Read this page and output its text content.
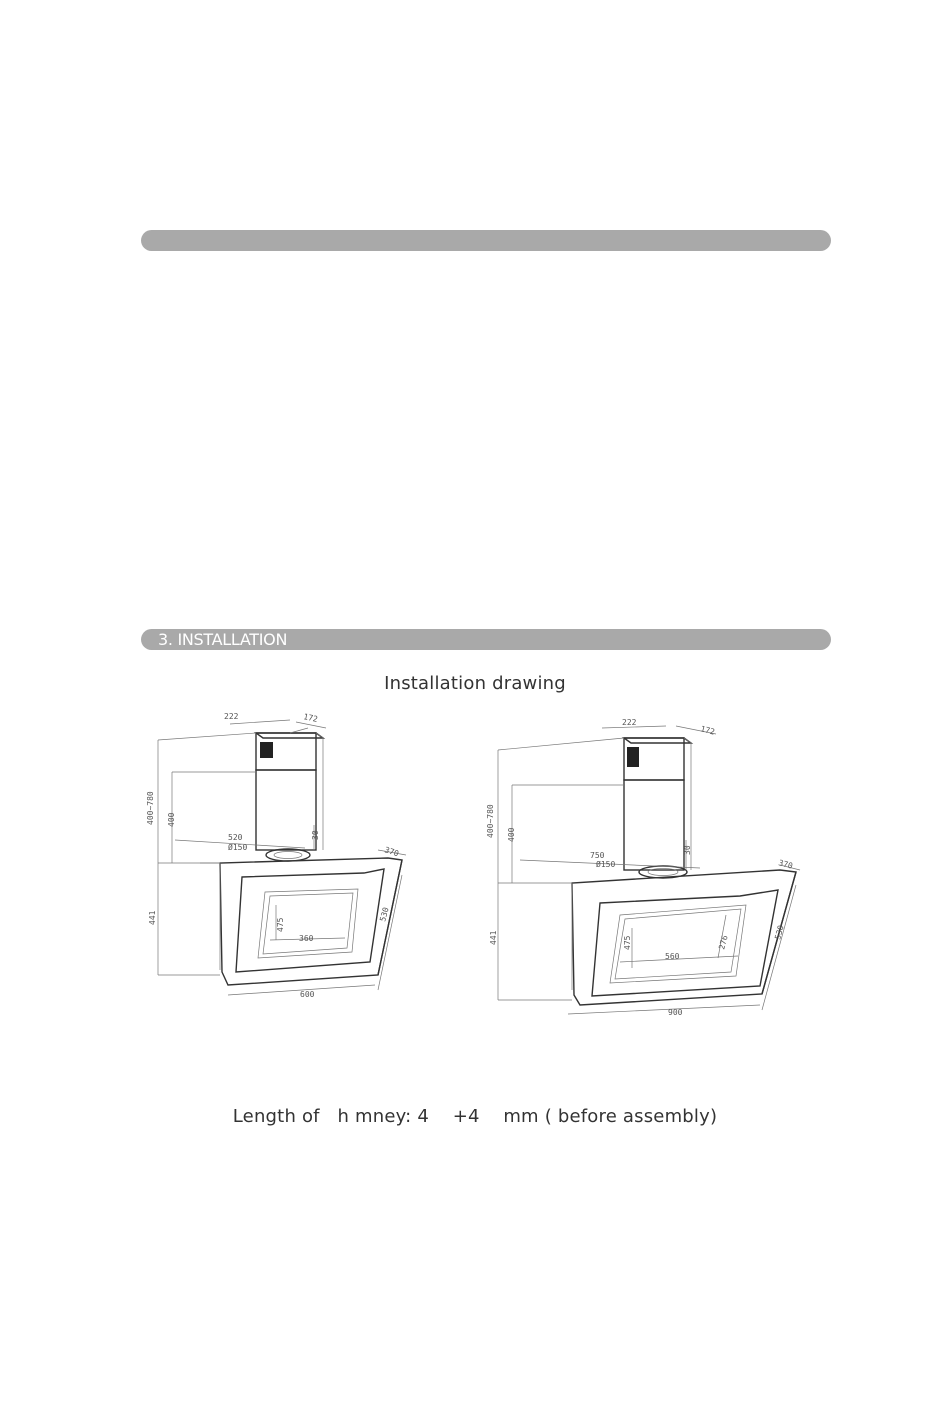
3. INSTALLATION
Installation drawing
222	172
400~780 400
520
Ø150
30
370
441	475
360
530
600
222
172
400~780 400
750
Ø150
30
370
441	475	276
560
530
900
Length of   h mney: 4    +4    mm ( before assembly)
